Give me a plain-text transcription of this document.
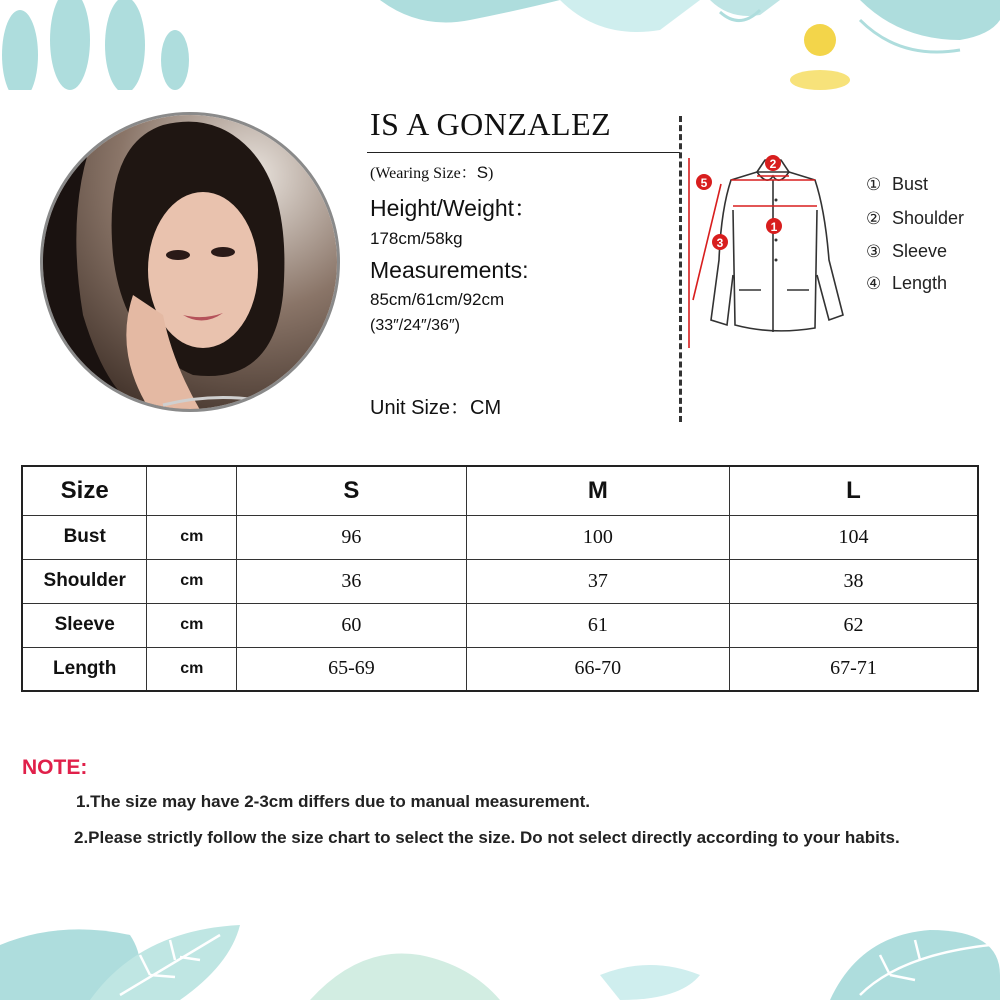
IS A GONZALEZ
(Wearing Size：S)
Height/Weight：
178cm/58kg
Measurements:
85cm/61cm/92cm
(33″/24″/36″)
Unit Size：CM
2
1
3
5	① Bust
② Shoulder
③ Sleeve
④ Length
Size		S	M	L
Bust	cm	96	100	104
Shoulder	cm	36	37	38
Sleeve	cm	60	61	62
Length	cm	65-69	66-70	67-71
NOTE:
1.The size may have 2-3cm differs due to manual measurement.
2.Please strictly follow the size chart to select the size. Do not select directly according to your habits.
